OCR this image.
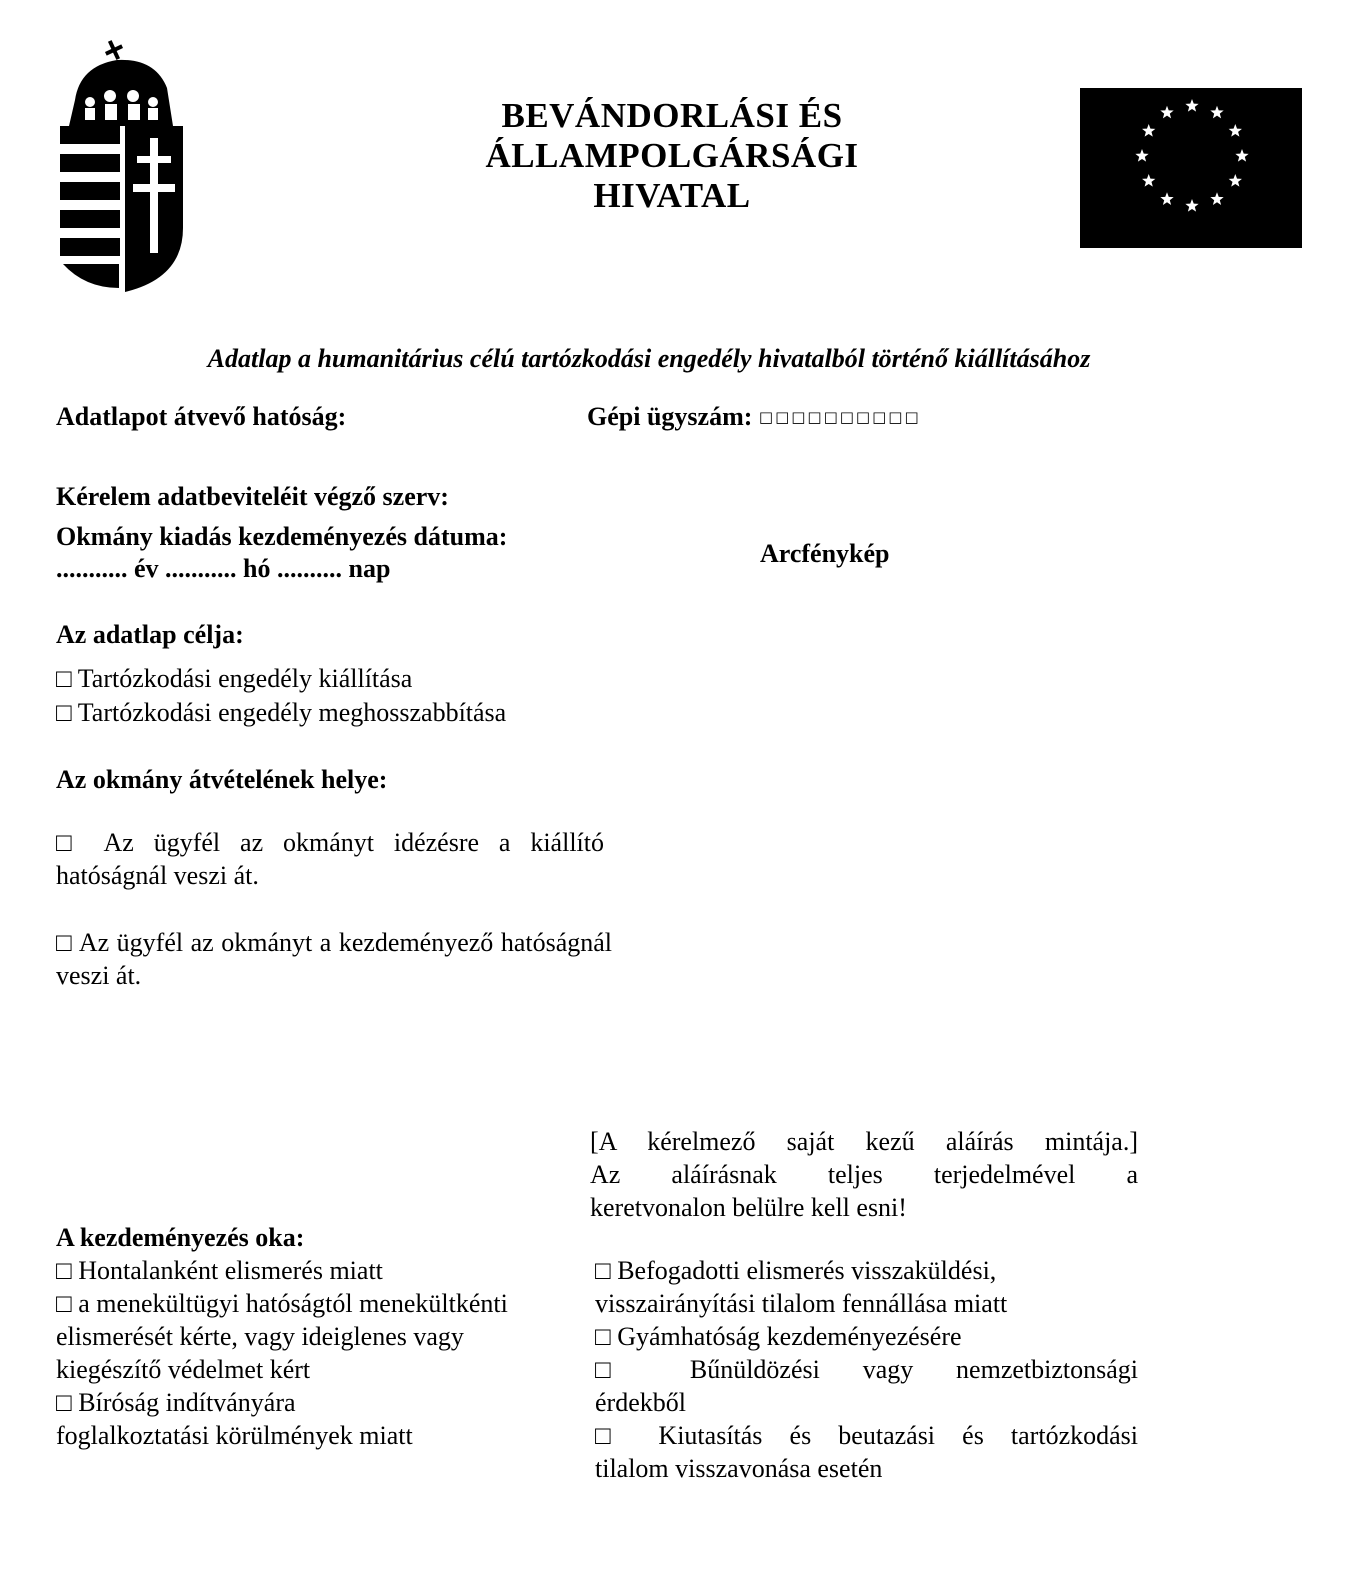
BEVÁNDORLÁSI ÉS
ÁLLAMPOLGÁRSÁGI
HIVATAL
Adatlap a humanitárius célú tartózkodási engedély hivatalból történő kiállításához
Adatlapot átvevő hatóság:	Gépi ügyszám: □□□□□□□□□□
Kérelem adatbeviteléit végző szerv:
Okmány kiadás kezdeményezés dátuma:
........... év ........... hó .......... nap
Arcfénykép
Az adatlap célja:
□ Tartózkodási engedély kiállítása
□ Tartózkodási engedély meghosszabbítása
Az okmány átvételének helye:
□ Az ügyfél az okmányt idézésre a kiállító hatóságnál veszi át.
□ Az ügyfél az okmányt a kezdeményező hatóságnál veszi át.
[A kérelmező saját kezű aláírás mintája.]
Az aláírásnak teljes terjedelmével a
keretvonalon belülre kell esni!
A kezdeményezés oka:
□ Hontalanként elismerés miatt
□ a menekültügyi hatóságtól menekültkénti
elismerését kérte, vagy ideiglenes vagy
kiegészítő védelmet kért
□ Bíróság indítványára
foglalkoztatási körülmények miatt
□ Befogadotti elismerés visszaküldési,
visszairányítási tilalom fennállása miatt
□ Gyámhatóság kezdeményezésére
□ Bűnüldözési vagy nemzetbiztonsági
érdekből
□ Kiutasítás és beutazási és tartózkodási
tilalom visszavonása esetén
